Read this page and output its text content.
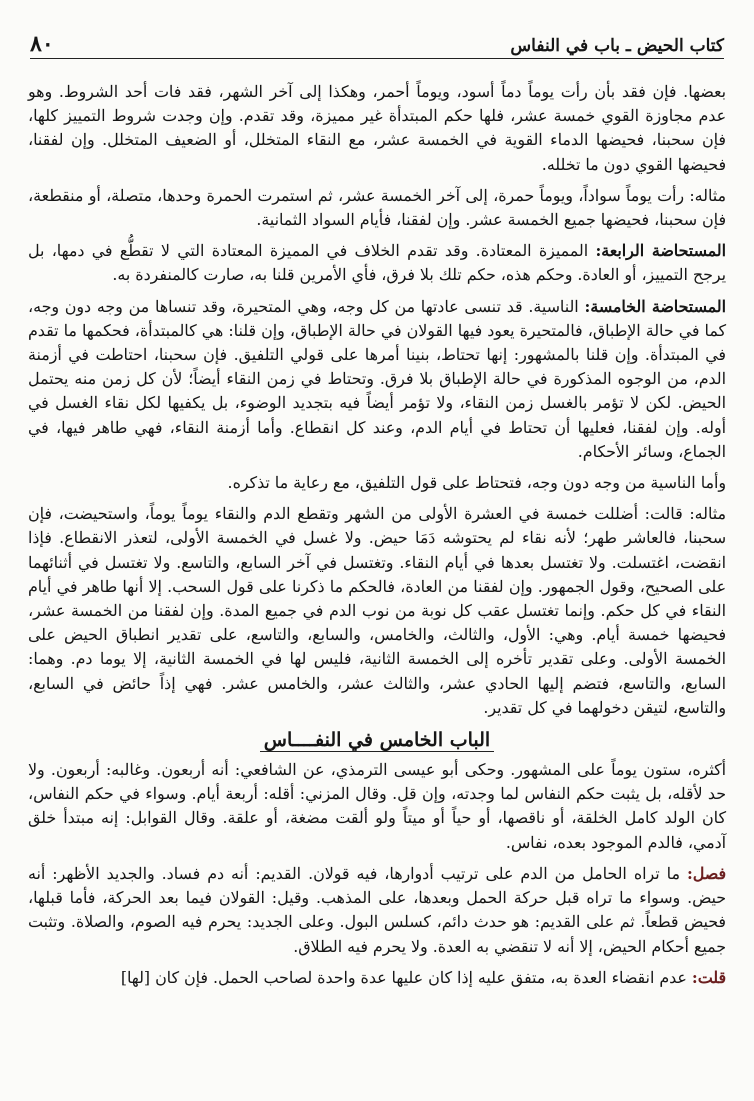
كتاب الحيض ـ باب في النفاس
٨٠

بعضها. فإن فقد بأن رأت يوماً دماً أسود، ويوماً أحمر، وهكذا إلى آخر الشهر، فقد فات أحد الشروط. وهو عدم مجاوزة القوي خمسة عشر، فلها حكم المبتدأة غير مميزة، وقد تقدم. وإن وجدت شروط التمييز كلها، فإن سحبنا، فحيضها الدماء القوية في الخمسة عشر، مع النقاء المتخلل، أو الضعيف المتخلل. وإن لفقنا، فحيضها القوي دون ما تخلله.

مثاله: رأت يوماً سواداً، ويوماً حمرة، إلى آخر الخمسة عشر، ثم استمرت الحمرة وحدها، متصلة، أو منقطعة، فإن سحبنا، فحيضها جميع الخمسة عشر. وإن لفقنا، فأيام السواد الثمانية.

المستحاضة الرابعة: المميزة المعتادة. وقد تقدم الخلاف في المميزة المعتادة التي لا تقطُّع في دمها، بل يرجح التمييز، أو العادة. وحكم هذه، حكم تلك بلا فرق، فأي الأمرين قلنا به، صارت كالمنفردة به.

المستحاضة الخامسة: الناسية. قد تنسى عادتها من كل وجه، وهي المتحيرة، وقد تنساها من وجه دون وجه، كما في حالة الإطباق، فالمتحيرة يعود فيها القولان في حالة الإطباق، وإن قلنا: هي كالمبتدأة، فحكمها ما تقدم في المبتدأة. وإن قلنا بالمشهور: إنها تحتاط، بنينا أمرها على قولي التلفيق. فإن سحبنا، احتاطت في أزمنة الدم، من الوجوه المذكورة في حالة الإطباق بلا فرق. وتحتاط في زمن النقاء أيضاً؛ لأن كل زمن منه يحتمل الحيض. لكن لا تؤمر بالغسل زمن النقاء، ولا تؤمر أيضاً فيه بتجديد الوضوء، بل يكفيها لكل نقاء الغسل في أوله. وإن لفقنا، فعليها أن تحتاط في أيام الدم، وعند كل انقطاع. وأما أزمنة النقاء، فهي طاهر فيها، في الجماع، وسائر الأحكام.

وأما الناسية من وجه دون وجه، فتحتاط على قول التلفيق، مع رعاية ما تذكره.

مثاله: قالت: أضللت خمسة في العشرة الأولى من الشهر وتقطع الدم والنقاء يوماً يوماً، واستحيضت، فإن سحبنا، فالعاشر طهر؛ لأنه نقاء لم يحتوشه دَمَا حيض. ولا غسل في الخمسة الأولى، لتعذر الانقطاع. فإذا انقضت، اغتسلت. ولا تغتسل بعدها في أيام النقاء. وتغتسل في آخر السابع، والتاسع. ولا تغتسل في أثنائهما على الصحيح، وقول الجمهور. وإن لفقنا من العادة، فالحكم ما ذكرنا على قول السحب. إلا أنها طاهر في أيام النقاء في كل حكم. وإنما تغتسل عقب كل نوبة من نوب الدم في جميع المدة. وإن لفقنا من الخمسة عشر، فحيضها خمسة أيام. وهي: الأول، والثالث، والخامس، والسابع، والتاسع، على تقدير انطباق الحيض على الخمسة الأولى. وعلى تقدير تأخره إلى الخمسة الثانية، فليس لها في الخمسة الثانية، إلا يوما دم. وهما: السابع، والتاسع، فتضم إليها الحادي عشر، والثالث عشر، والخامس عشر. فهي إذاً حائض في السابع، والتاسع، لتيقن دخولهما في كل تقدير.

الباب الخامس في النفــــاس

أكثره، ستون يوماً على المشهور. وحكى أبو عيسى الترمذي، عن الشافعي: أنه أربعون. وغالبه: أربعون. ولا حد لأقله، بل يثبت حكم النفاس لما وجدته، وإن قل. وقال المزني: أقله: أربعة أيام. وسواء في حكم النفاس، كان الولد كامل الخلقة، أو ناقصها، أو حياً أو ميتاً ولو ألقت مضغة، أو علقة. وقال القوابل: إنه مبتدأ خلق آدمي، فالدم الموجود بعده، نفاس.

فصل: ما تراه الحامل من الدم على ترتيب أدوارها، فيه قولان. القديم: أنه دم فساد. والجديد الأظهر: أنه حيض. وسواء ما تراه قبل حركة الحمل وبعدها، على المذهب. وقيل: القولان فيما بعد الحركة، فأما قبلها، فحيض قطعاً. ثم على القديم: هو حدث دائم، كسلس البول. وعلى الجديد: يحرم فيه الصوم، والصلاة. وتثبت جميع أحكام الحيض، إلا أنه لا تنقضي به العدة. ولا يحرم فيه الطلاق.

قلت: عدم انقضاء العدة به، متفق عليه إذا كان عليها عدة واحدة لصاحب الحمل. فإن كان [لها]
